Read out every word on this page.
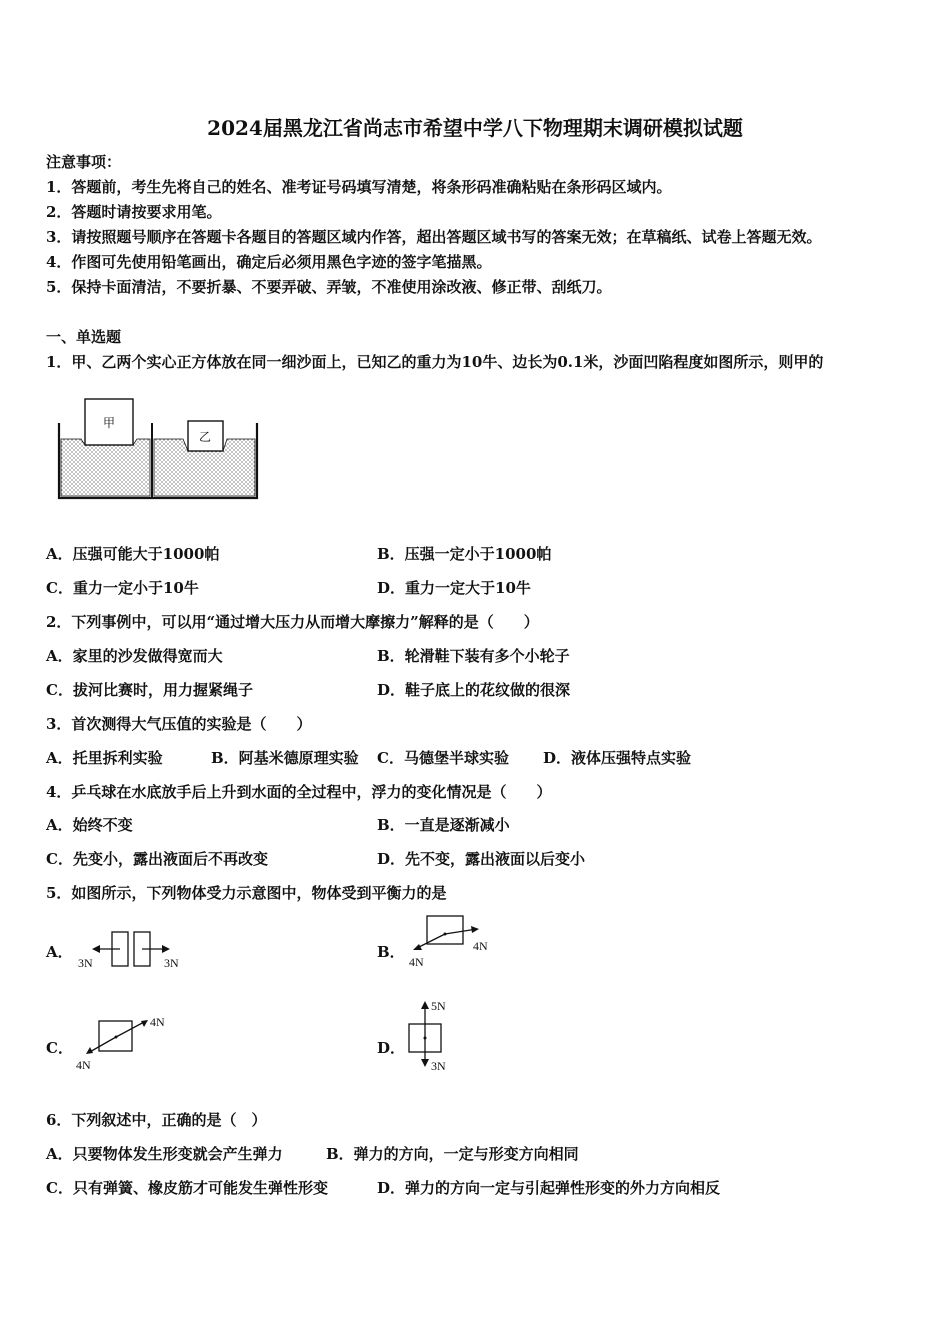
2024届黑龙江省尚志市希望中学八下物理期末调研模拟试题
注意事项：
1．答题前，考生先将自己的姓名、准考证号码填写清楚，将条形码准确粘贴在条形码区域内。
2．答题时请按要求用笔。
3．请按照题号顺序在答题卡各题目的答题区域内作答，超出答题区域书写的答案无效；在草稿纸、试卷上答题无效。
4．作图可先使用铅笔画出，确定后必须用黑色字迹的签字笔描黑。
5．保持卡面清洁，不要折暴、不要弄破、弄皱，不准使用涂改液、修正带、刮纸刀。
一、单选题
1．甲、乙两个实心正方体放在同一细沙面上，已知乙的重力为10牛、边长为0.1米，沙面凹陷程度如图所示，则甲的
甲
乙
A．压强可能大于1000帕	B．压强一定小于1000帕
C．重力一定小于10牛	D．重力一定大于10牛
2．下列事例中，可以用“通过增大压力从而增大摩擦力”解释的是（　　）
A．家里的沙发做得宽而大	B．轮滑鞋下装有多个小轮子
C．拔河比赛时，用力握紧绳子	D．鞋子底上的花纹做的很深
3．首次测得大气压值的实验是（　　）
A．托里拆利实验	B．阿基米德原理实验 C．马德堡半球实验 D．液体压强特点实验
4．乒乓球在水底放手后上升到水面的全过程中，浮力的变化情况是（　　）
A．始终不变	B．一直是逐渐减小
C．先变小，露出液面后不再改变	D．先不变，露出液面以后变小
5．如图所示，下列物体受力示意图中，物体受到平衡力的是
A．
3N	3N
B．	4N
4N
C．
4N
4N
D．
5N
3N
6．下列叙述中，正确的是（　）
A．只要物体发生形变就会产生弹力	B．弹力的方向，一定与形变方向相同
C．只有弹簧、橡皮筋才可能发生弹性形变	D．弹力的方向一定与引起弹性形变的外力方向相反
